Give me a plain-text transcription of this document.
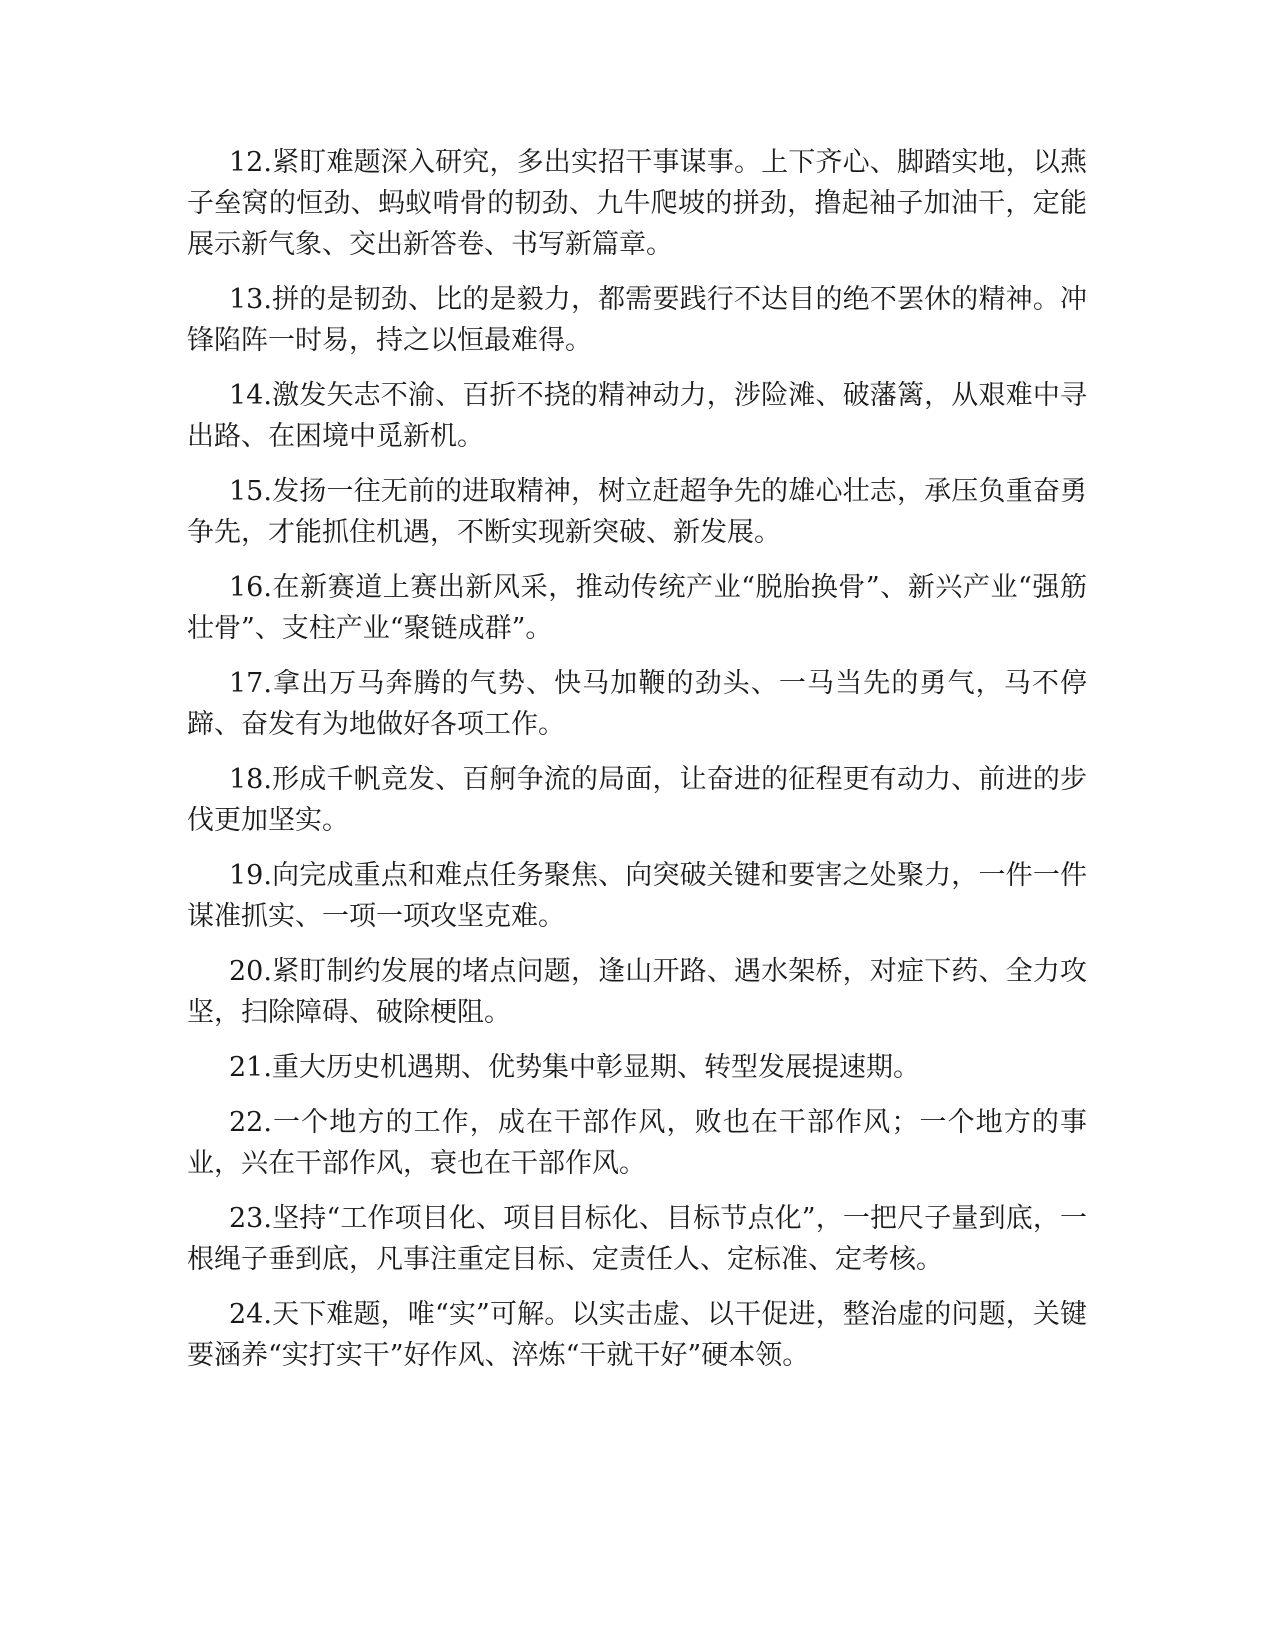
12.紧盯难题深入研究，多出实招干事谋事。上下齐心、脚踏实地，以燕子垒窝的恒劲、蚂蚁啃骨的韧劲、九牛爬坡的拼劲，撸起袖子加油干，定能展示新气象、交出新答卷、书写新篇章。

13.拼的是韧劲、比的是毅力，都需要践行不达目的绝不罢休的精神。冲锋陷阵一时易，持之以恒最难得。

14.激发矢志不渝、百折不挠的精神动力，涉险滩、破藩篱，从艰难中寻出路、在困境中觅新机。

15.发扬一往无前的进取精神，树立赶超争先的雄心壮志，承压负重奋勇争先，才能抓住机遇，不断实现新突破、新发展。

16.在新赛道上赛出新风采，推动传统产业“脱胎换骨”、新兴产业“强筋壮骨”、支柱产业“聚链成群”。

17.拿出万马奔腾的气势、快马加鞭的劲头、一马当先的勇气，马不停蹄、奋发有为地做好各项工作。

18.形成千帆竞发、百舸争流的局面，让奋进的征程更有动力、前进的步伐更加坚实。

19.向完成重点和难点任务聚焦、向突破关键和要害之处聚力，一件一件谋准抓实、一项一项攻坚克难。

20.紧盯制约发展的堵点问题，逢山开路、遇水架桥，对症下药、全力攻坚，扫除障碍、破除梗阻。

21.重大历史机遇期、优势集中彰显期、转型发展提速期。

22.一个地方的工作，成在干部作风，败也在干部作风；一个地方的事业，兴在干部作风，衰也在干部作风。

23.坚持“工作项目化、项目目标化、目标节点化”，一把尺子量到底，一根绳子垂到底，凡事注重定目标、定责任人、定标准、定考核。

24.天下难题，唯“实”可解。以实击虚、以干促进，整治虚的问题，关键要涵养“实打实干”好作风、淬炼“干就干好”硬本领。
